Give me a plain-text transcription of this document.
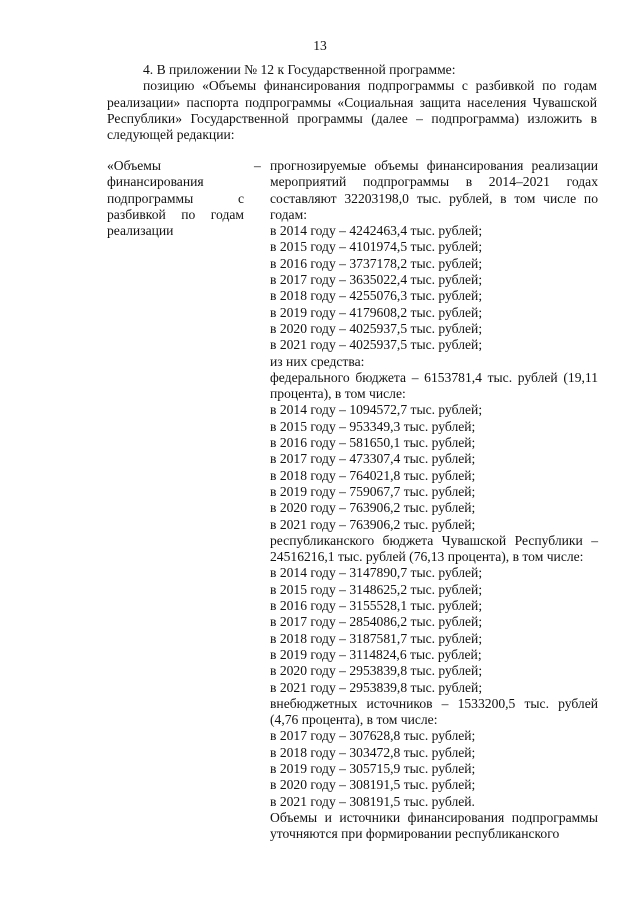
13

4. В приложении № 12 к Государственной программе:

позицию «Объемы финансирования подпрограммы с разбивкой по годам реализации» паспорта подпрограммы «Социальная защита населения Чувашской Республики» Государственной программы (далее – подпрограмма) изложить в следующей редакции:

«Объемы финансирования подпрограммы с разбивкой по годам реализации
– прогнозируемые объемы финансирования реализации мероприятий подпрограммы в 2014–2021 годах составляют 32203198,0 тыс. рублей, в том числе по годам:
в 2014 году – 4242463,4 тыс. рублей;
в 2015 году – 4101974,5 тыс. рублей;
в 2016 году – 3737178,2 тыс. рублей;
в 2017 году – 3635022,4 тыс. рублей;
в 2018 году – 4255076,3 тыс. рублей;
в 2019 году – 4179608,2 тыс. рублей;
в 2020 году – 4025937,5 тыс. рублей;
в 2021 году – 4025937,5 тыс. рублей;
из них средства:
федерального бюджета – 6153781,4 тыс. рублей (19,11 процента), в том числе:
в 2014 году – 1094572,7 тыс. рублей;
в 2015 году – 953349,3 тыс. рублей;
в 2016 году – 581650,1 тыс. рублей;
в 2017 году – 473307,4 тыс. рублей;
в 2018 году – 764021,8 тыс. рублей;
в 2019 году – 759067,7 тыс. рублей;
в 2020 году – 763906,2 тыс. рублей;
в 2021 году – 763906,2 тыс. рублей;
республиканского бюджета Чувашской Республики – 24516216,1 тыс. рублей (76,13 процента), в том числе:
в 2014 году – 3147890,7 тыс. рублей;
в 2015 году – 3148625,2 тыс. рублей;
в 2016 году – 3155528,1 тыс. рублей;
в 2017 году – 2854086,2 тыс. рублей;
в 2018 году – 3187581,7 тыс. рублей;
в 2019 году – 3114824,6 тыс. рублей;
в 2020 году – 2953839,8 тыс. рублей;
в 2021 году – 2953839,8 тыс. рублей;
внебюджетных источников – 1533200,5 тыс. рублей (4,76 процента), в том числе:
в 2017 году – 307628,8 тыс. рублей;
в 2018 году – 303472,8 тыс. рублей;
в 2019 году – 305715,9 тыс. рублей;
в 2020 году – 308191,5 тыс. рублей;
в 2021 году – 308191,5 тыс. рублей.
Объемы и источники финансирования подпрограммы уточняются при формировании республиканского
